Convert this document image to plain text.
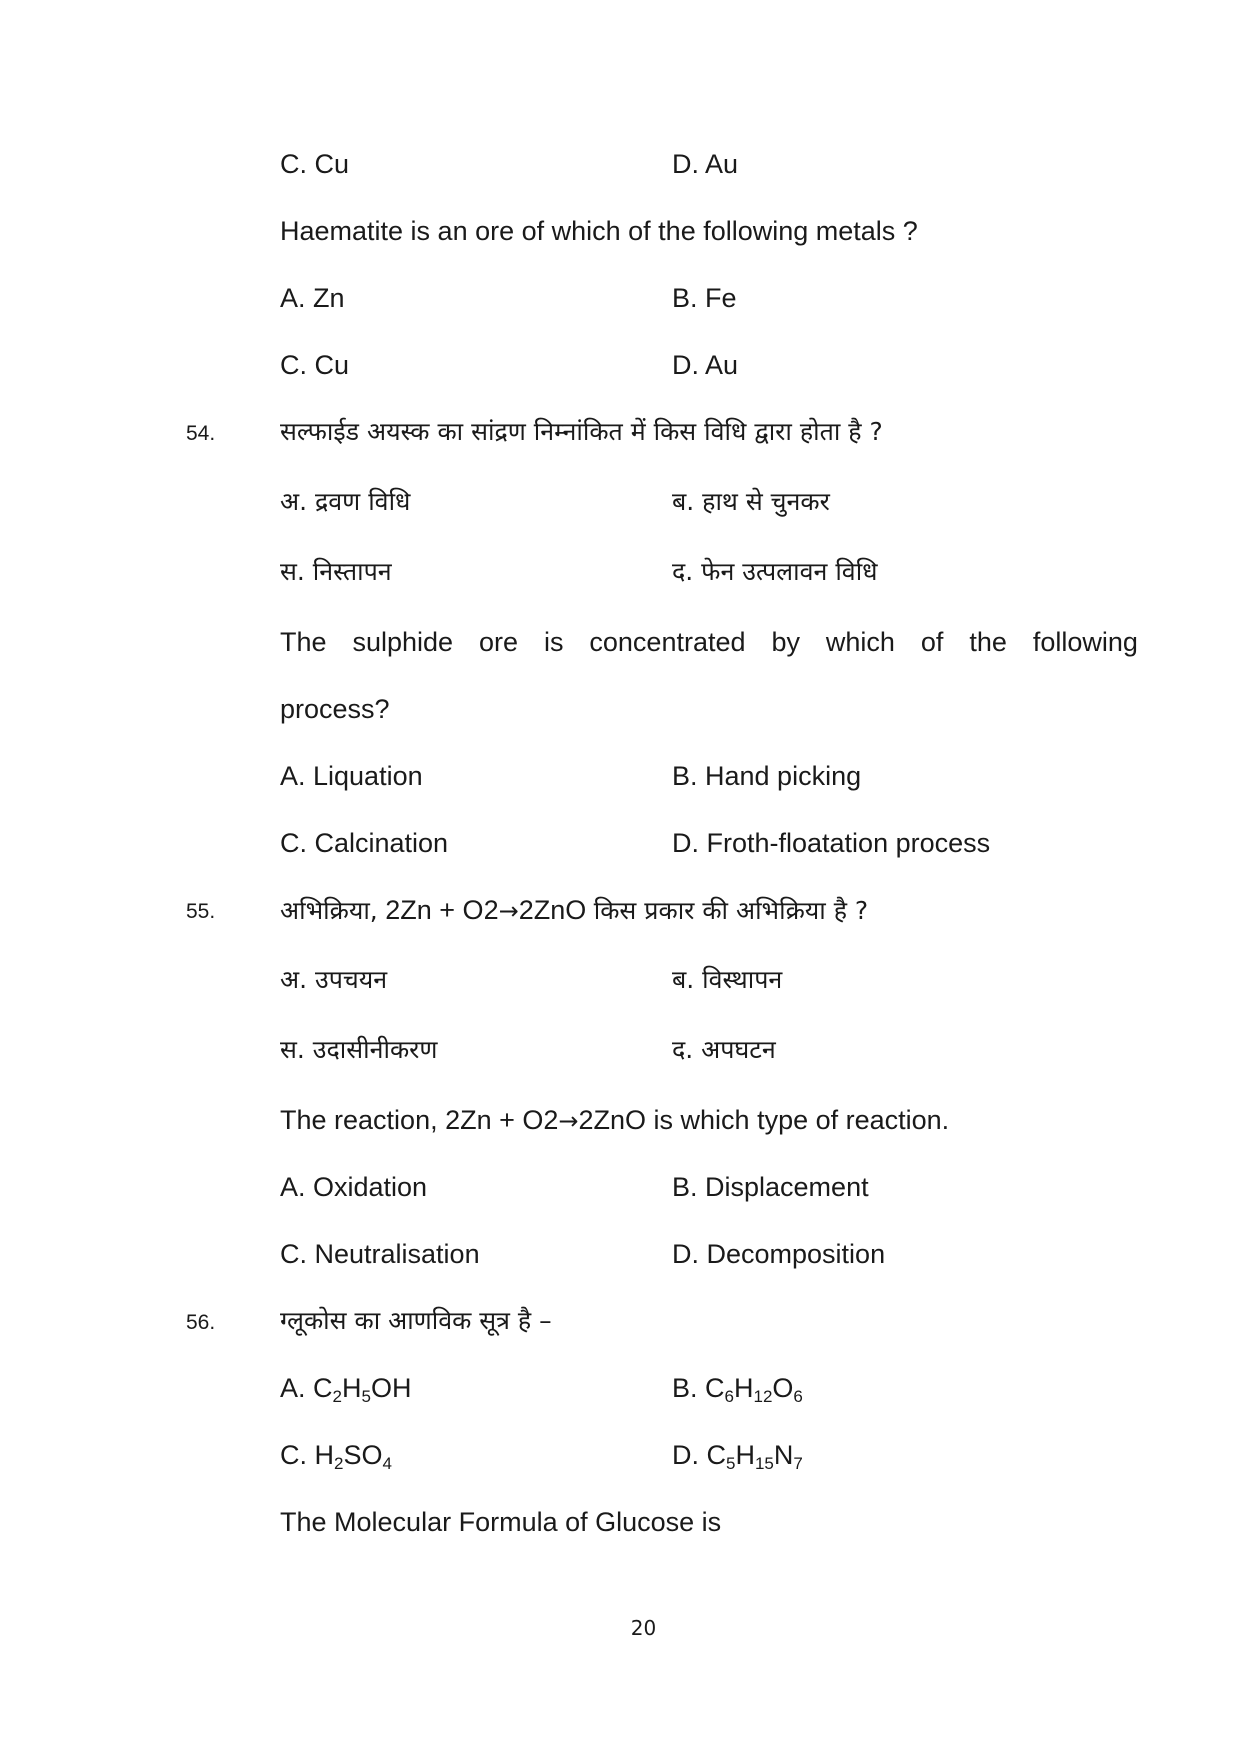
C. Cu	D. Au
Haematite is an ore of which of the following metals ?
A. Zn	B. Fe
C. Cu	D. Au
54.	सल्फाईड अयस्क का सांद्रण निम्नांकित में किस विधि द्वारा होता है ?
अ. द्रवण विधि	ब. हाथ से चुनकर
स. निस्तापन	द. फेन उत्पलावन विधि
The sulphide ore is concentrated by which of the following
process?
A. Liquation	B. Hand picking
C. Calcination	D. Froth-floatation process
55.	अभिक्रिया, 2Zn + O2→2ZnO किस प्रकार की अभिक्रिया है ?
अ. उपचयन	ब. विस्थापन
स. उदासीनीकरण	द. अपघटन
The reaction, 2Zn + O2→2ZnO is which type of reaction.
A. Oxidation	B. Displacement
C. Neutralisation	D. Decomposition
56.	ग्लूकोस का आणविक सूत्र है –
A. $C_2H_5OH$	B. $C_6H_{12}O_6$
C. $H_2SO_4$	D. $C_5H_{15}N_7$
The Molecular Formula of Glucose is
20
